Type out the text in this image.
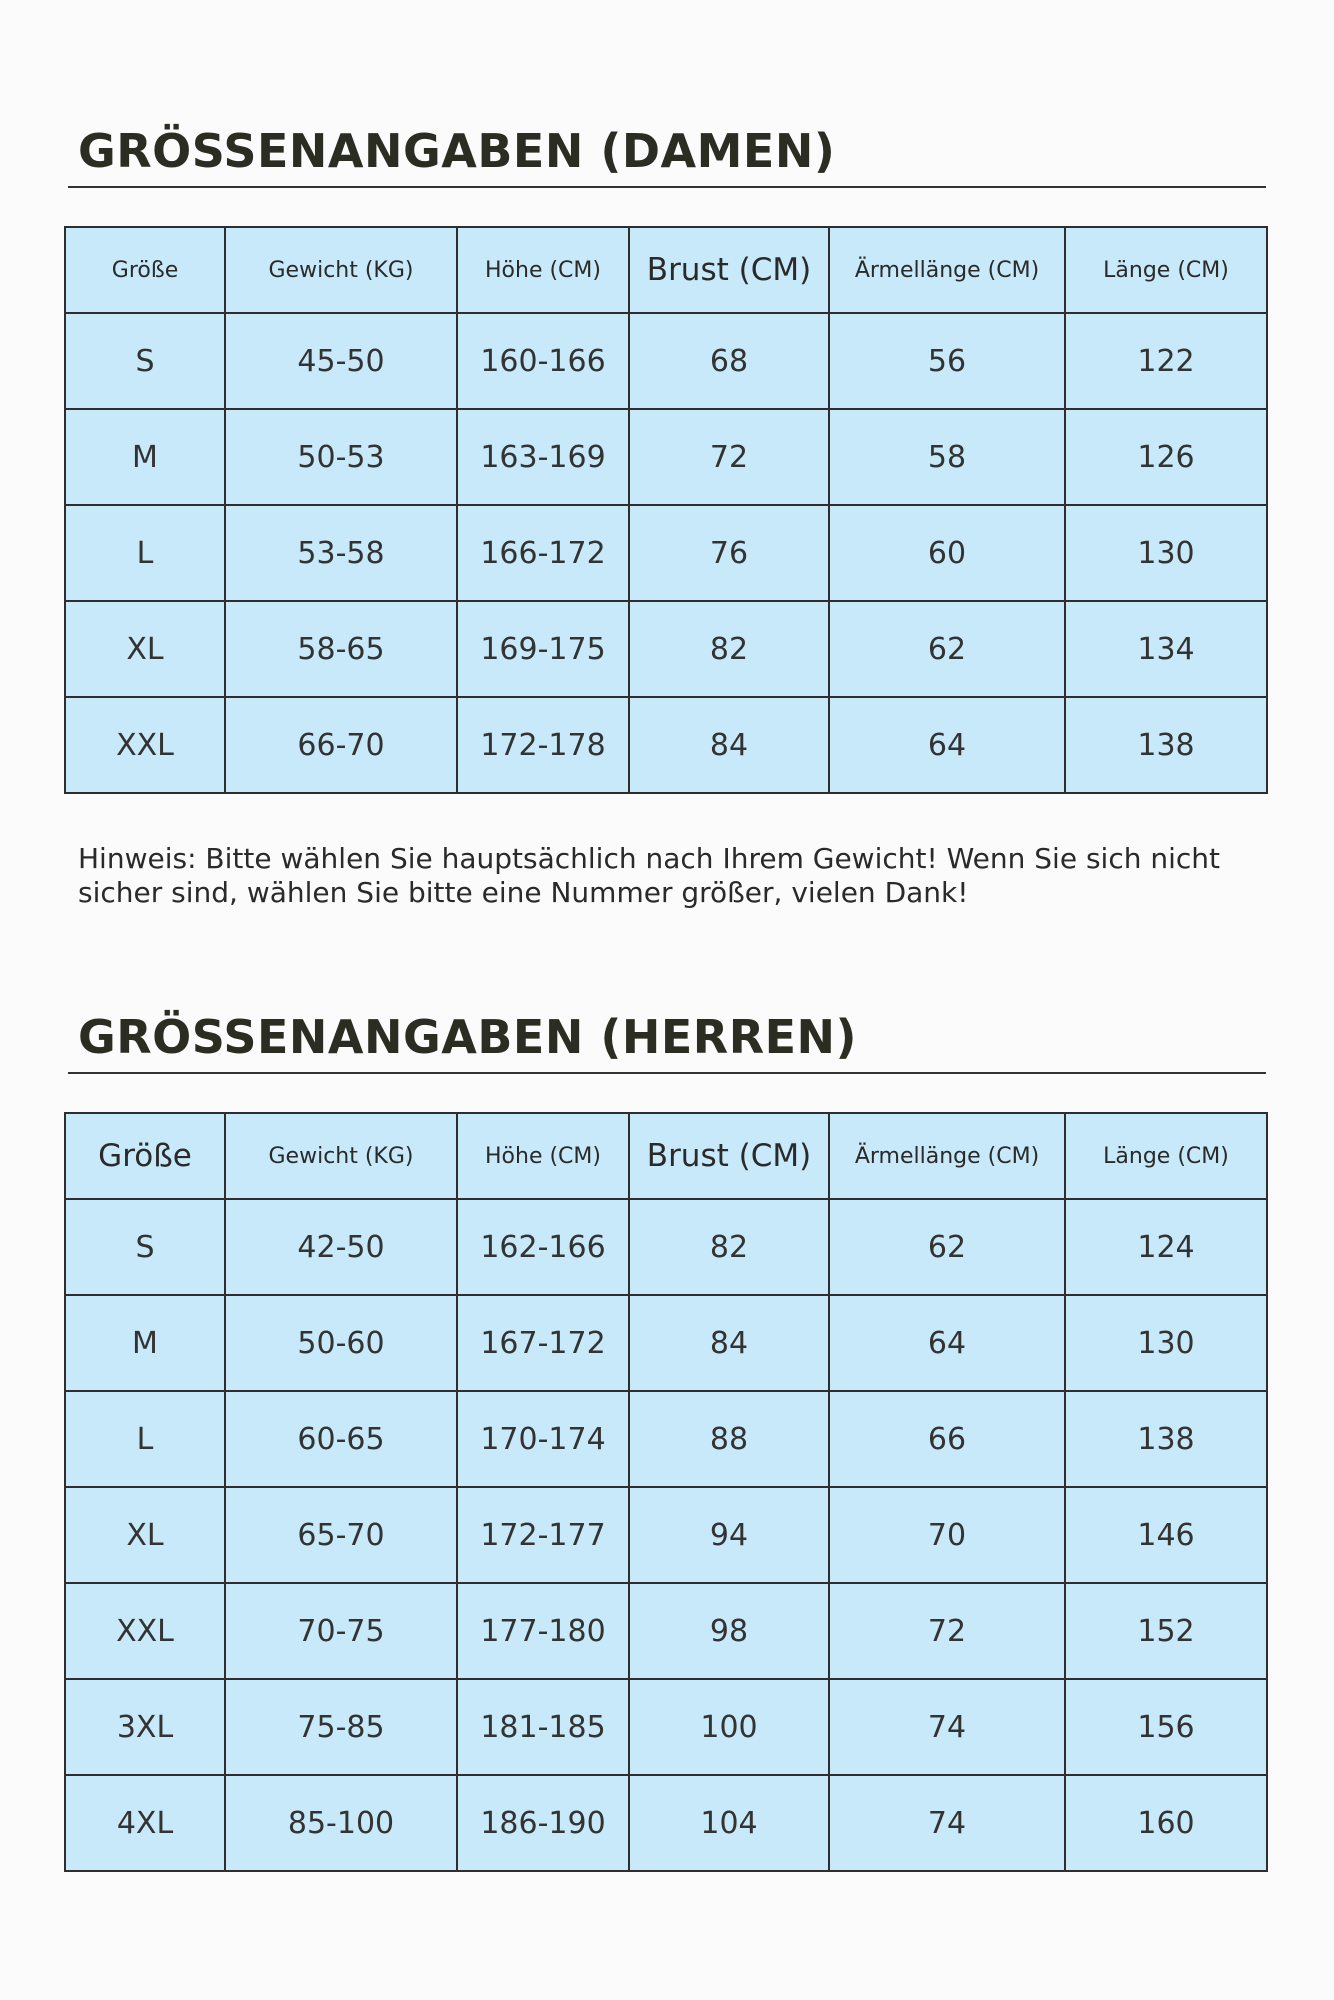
GRÖSSENANGABEN (DAMEN)
Größe	Gewicht (KG)	Höhe (CM)	Brust (CM)	Ärmellänge (CM)	Länge (CM)
S	45-50	160-166	68	56	122
M	50-53	163-169	72	58	126
L	53-58	166-172	76	60	130
XL	58-65	169-175	82	62	134
XXL	66-70	172-178	84	64	138

Hinweis: Bitte wählen Sie hauptsächlich nach Ihrem Gewicht! Wenn Sie sich nicht sicher sind, wählen Sie bitte eine Nummer größer, vielen Dank!

GRÖSSENANGABEN (HERREN)
Größe	Gewicht (KG)	Höhe (CM)	Brust (CM)	Ärmellänge (CM)	Länge (CM)
S	42-50	162-166	82	62	124
M	50-60	167-172	84	64	130
L	60-65	170-174	88	66	138
XL	65-70	172-177	94	70	146
XXL	70-75	177-180	98	72	152
3XL	75-85	181-185	100	74	156
4XL	85-100	186-190	104	74	160
